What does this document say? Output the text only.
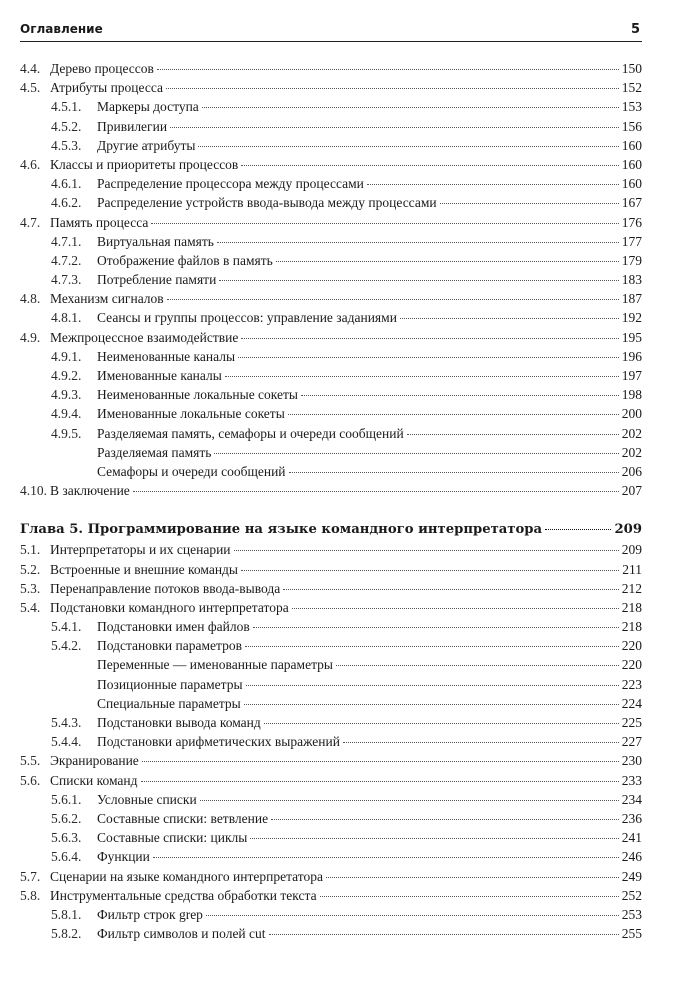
Оглавление	5
4.4. Дерево процессов	150
4.5. Атрибуты процесса	152
4.5.1.	Маркеры доступа	153
4.5.2.	Привилегии	156
4.5.3.	Другие атрибуты	160
4.6. Классы и приоритеты процессов	160
4.6.1.	Распределение процессора между процессами	160
4.6.2.	Распределение устройств ввода-вывода между процессами	167
4.7. Память процесса	176
4.7.1.	Виртуальная память	177
4.7.2.	Отображение файлов в память	179
4.7.3.	Потребление памяти	183
4.8. Механизм сигналов	187
4.8.1.	Сеансы и группы процессов: управление заданиями	192
4.9. Межпроцессное взаимодействие	195
4.9.1.	Неименованные каналы	196
4.9.2.	Именованные каналы	197
4.9.3.	Неименованные локальные сокеты	198
4.9.4.	Именованные локальные сокеты	200
4.9.5.	Разделяемая память, семафоры и очереди сообщений	202
Разделяемая память	202
Семафоры и очереди сообщений	206
4.10. В заключение	207
Глава 5. Программирование на языке командного интерпретатора	209
5.1. Интерпретаторы и их сценарии	209
5.2. Встроенные и внешние команды	211
5.3. Перенаправление потоков ввода-вывода	212
5.4. Подстановки командного интерпретатора	218
5.4.1.	Подстановки имен файлов	218
5.4.2.	Подстановки параметров	220
Переменные — именованные параметры	220
Позиционные параметры	223
Специальные параметры	224
5.4.3.	Подстановки вывода команд	225
5.4.4.	Подстановки арифметических выражений	227
5.5. Экранирование	230
5.6. Списки команд	233
5.6.1.	Условные списки	234
5.6.2.	Составные списки: ветвление	236
5.6.3.	Составные списки: циклы	241
5.6.4.	Функции	246
5.7. Сценарии на языке командного интерпретатора	249
5.8. Инструментальные средства обработки текста	252
5.8.1.	Фильтр строк grep	253
5.8.2.	Фильтр символов и полей cut	255
